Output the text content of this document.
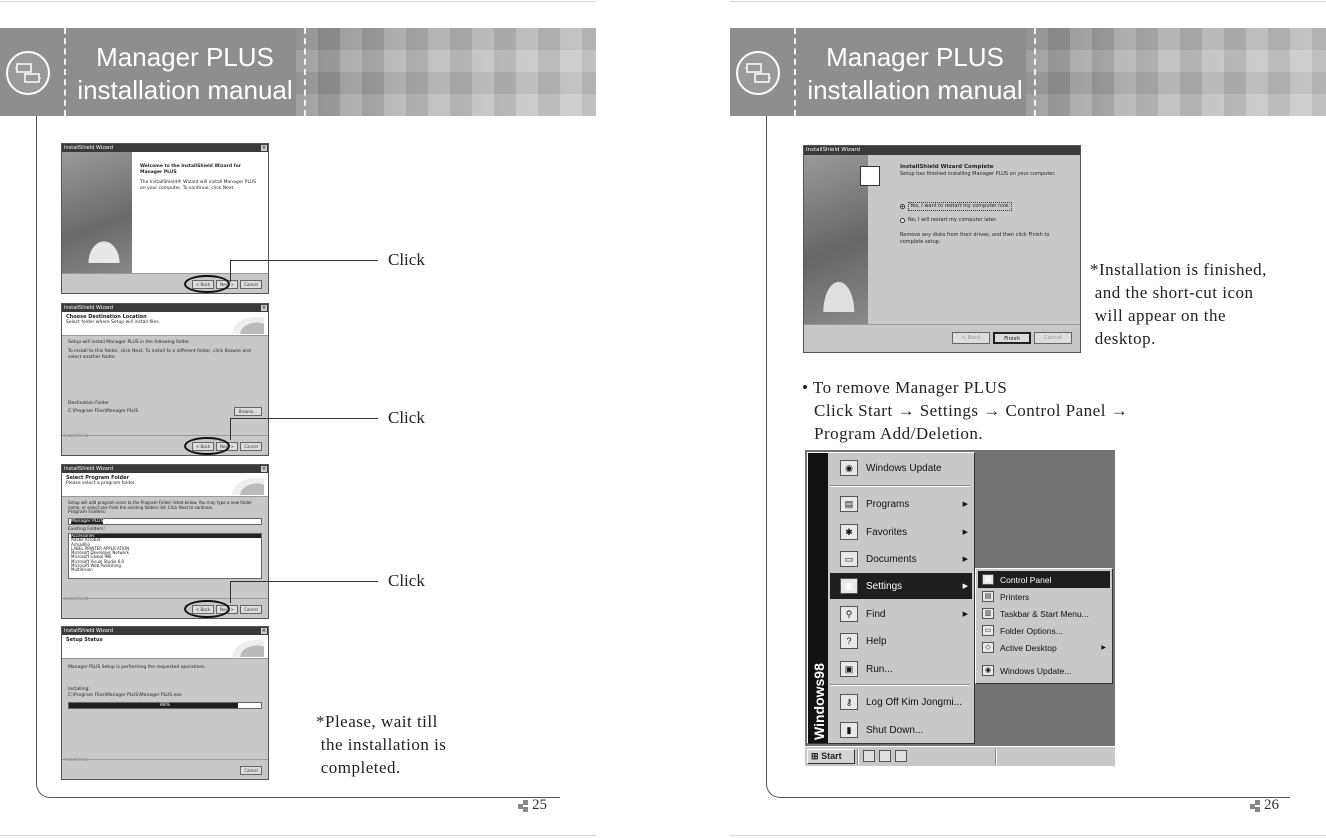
Manager PLUS
installation manual
InstallShield Wizard	×
Welcome to the InstallShield Wizard for Manager PLUS
The InstallShield® Wizard will install Manager PLUS on your computer. To continue, click Next.
< Back	Next >	Cancel
Click
InstallShield Wizard	×
Choose Destination Location
Select folder where Setup will install files.
Setup will install Manager PLUS in the following folder.
To install to this folder, click Next. To install to a different folder, click Browse and select another folder.
Destination Folder
C:\Program Files\Manager PLUS	Browse...
< Back	Next >	Cancel
Click
InstallShield Wizard	×
Select Program Folder
Please select a program folder.
Setup will add program icons to the Program Folder listed below. You may type a new folder name, or select one from the existing folders list. Click Next to continue.
Program Folders:
Manager PLUS
Existing Folders:
Accessories
Adobe Acrobat
Armadillo
LABEL PRINTER APPLICATION
Microsoft Developer Network
Microsoft Global IME
Microsoft Visual Studio 6.0
Microsoft Web Publishing
MultiVision
< Back	Next >	Cancel
Click
InstallShield Wizard	×
Setup Status
Manager PLUS Setup is performing the requested operations.
Installing:
C:\Program Files\Manager PLUS\Manager PLUS.exe
88%
Cancel
*Please, wait till
the installation is
completed.
25
Manager PLUS
installation manual
InstallShield Wizard
InstallShield Wizard Complete
Setup has finished installing Manager PLUS on your computer.
Yes, I want to restart my computer now.
No, I will restart my computer later.
Remove any disks from their drives, and then click Finish to complete setup.
< Back	Finish	Cancel
*Installation is finished,
and the short-cut icon
will appear on the
desktop.
• To remove Manager PLUS
Click Start → Settings → Control Panel →
Program Add/Deletion.
Windows98
◉	Windows Update
▤	Programs	▶
✱	Favorites	▶
▭	Documents	▶
▦	Settings	▶
⚲	Find	▶
?	Help
▣	Run...
⚷	Log Off Kim Jongmi...
▮	Shut Down...
▦	Control Panel
▤	Printers
▥	Taskbar & Start Menu...
▭	Folder Options...
◇	Active Desktop	▶
◉	Windows Update...
⊞ Start
26
